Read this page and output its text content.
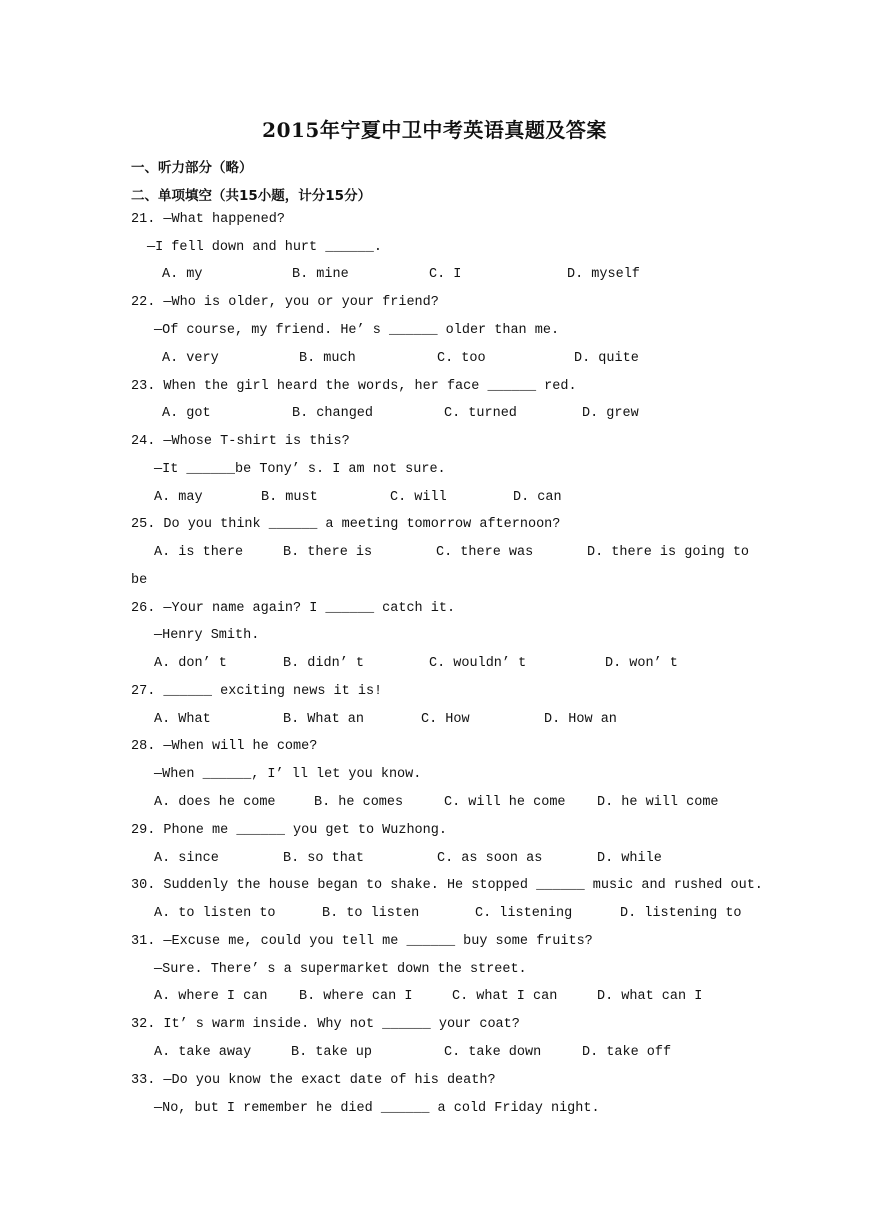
2015年宁夏中卫中考英语真题及答案
一、听力部分（略）
二、单项填空（共15小题，计分15分）
21. —What happened?
—I fell down and hurt ______.
A. my	B. mine	C. I	D. myself
22. —Who is older, you or your friend?
—Of course, my friend. He’ s ______ older than me.
A. very	B. much	C. too	D. quite
23. When the girl heard the words, her face ______ red.
A. got	B. changed	C. turned	D. grew
24. —Whose T-shirt is this?
—It ______be Tony’ s. I am not sure.
A. may	B. must	C. will	D. can
25. Do you think ______ a meeting tomorrow afternoon?
A. is there	B. there is	C. there was	D. there is going to
be
26. —Your name again? I ______ catch it.
—Henry Smith.
A. don’ t	B. didn’ t	C. wouldn’ t	D. won’ t
27. ______ exciting news it is!
A. What	B. What an	C. How	D. How an
28. —When will he come?
—When ______, I’ ll let you know.
A. does he come	B. he comes	C. will he come D. he will come
29. Phone me ______ you get to Wuzhong.
A. since	B. so that	C. as soon as	D. while
30. Suddenly the house began to shake. He stopped ______ music and rushed out.
A. to listen to	B. to listen	C. listening	D. listening to
31. —Excuse me, could you tell me ______ buy some fruits?
—Sure. There’ s a supermarket down the street.
A. where I can B. where can I	C. what I can	D. what can I
32. It’ s warm inside. Why not ______ your coat?
A. take away	B. take up	C. take down	D. take off
33. —Do you know the exact date of his death?
—No, but I remember he died ______ a cold Friday night.
